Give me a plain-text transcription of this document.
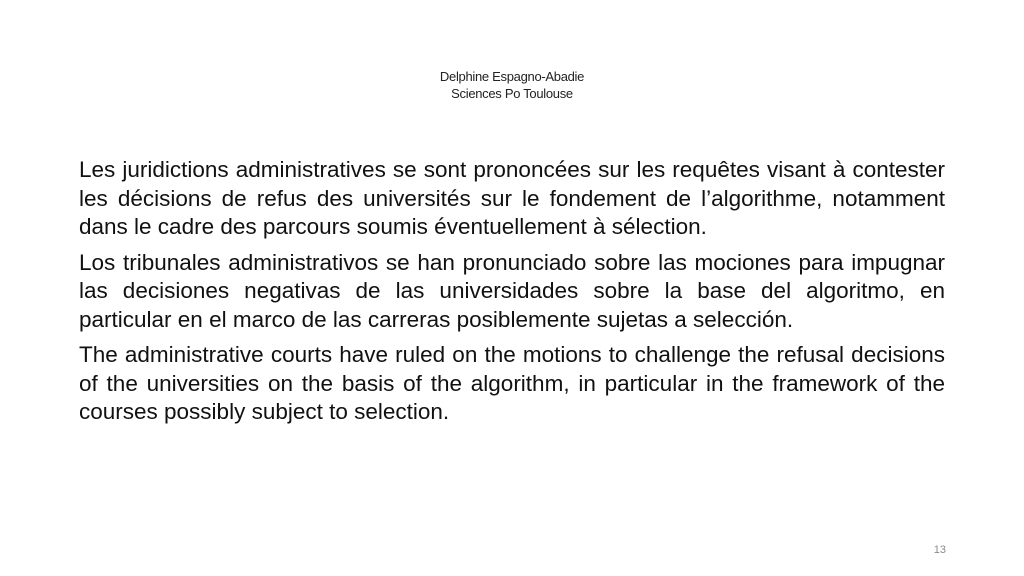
Delphine Espagno-Abadie
Sciences Po Toulouse

Les juridictions administratives se sont prononcées sur les requêtes visant à contester les décisions de refus des universités sur le fondement de l’algorithme, notamment dans le cadre des parcours soumis éventuellement à sélection.

Los tribunales administrativos se han pronunciado sobre las mociones para impugnar las decisiones negativas de las universidades sobre la base del algoritmo, en particular en el marco de las carreras posiblemente sujetas a selección.

The administrative courts have ruled on the motions to challenge the refusal decisions of the universities on the basis of the algorithm, in particular in the framework of the courses possibly subject to selection.

13
